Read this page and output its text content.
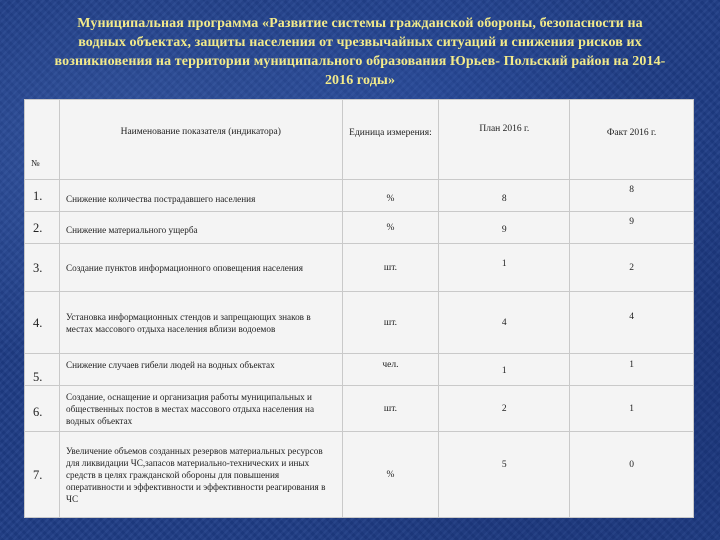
Муниципальная программа «Развитие системы гражданской обороны, безопасности на
водных объектах, защиты населения от чрезвычайных ситуаций и снижения рисков их
возникновения на территории муниципального образования Юрьев- Польский район на 2014-
2016 годы»
№	Наименование показателя (индикатора)	Единица измерения:	План 2016 г.	Факт 2016 г.
1.	Снижение количества пострадавшего населения	%	8	8
2.	Снижение материального ущерба	%	9	9
3.	Создание пунктов информационного оповещения населения	шт.	1	2
4.	Установка информационных стендов и запрещающих знаков в местах массового отдыха населения вблизи водоемов	шт.	4	4
5.	Снижение случаев гибели людей на водных объектах	чел.	1	1
6.	Создание, оснащение и организация работы муниципальных и общественных постов в местах массового отдыха населения на водных объектах	шт.	2	1
7.	Увеличение объемов созданных резервов материальных ресурсов для ликвидации ЧС,запасов материально-технических и иных средств в целях гражданской обороны для повышения оперативности и эффективности и эффективности реагирования в ЧС	%	5	0
